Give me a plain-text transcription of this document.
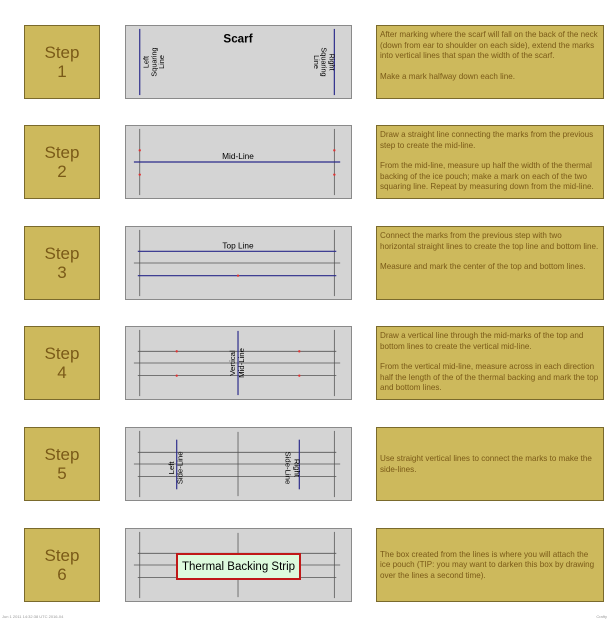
Step
1
Scarf
Left
Squaring
Line	Right
Squaring
Line

After marking where the scarf will fall on the back of the neck (down from ear to shoulder on each side), extend the marks into vertical lines that span the width of the scarf.

Make a mark halfway down each line.

Step
2
Mid-Line

Draw a straight line connecting the marks from the previous step to create the mid-line.

From the mid-line, measure up half the width of the thermal backing of the ice pouch; make a mark on each of the two squaring line. Repeat by measuring down from the mid-line.

Step
3
Top Line

Connect the marks from the previous step with two horizontal straight lines to create the top line and bottom line.

Measure and mark the center of the top and bottom lines.

Step
4	Vertical Mid-Line

Draw a vertical line through the mid-marks of the top and bottom lines to create the vertical mid-line.

From the vertical mid-line, measure across in each direction half the length of the of the thermal backing and mark the top and bottom lines.

Step
5	Left Side-Line	Right
Side-Line	Use straight vertical lines to connect the marks to make the side-lines.

Step
6	Thermal Backing Strip

The box created from the lines is where you will attach the ice pouch (TIP: you may want to darken this box by drawing over the lines a second time).

Jun 1 2011 14:32:38 UTC 2016-04	Crafty
